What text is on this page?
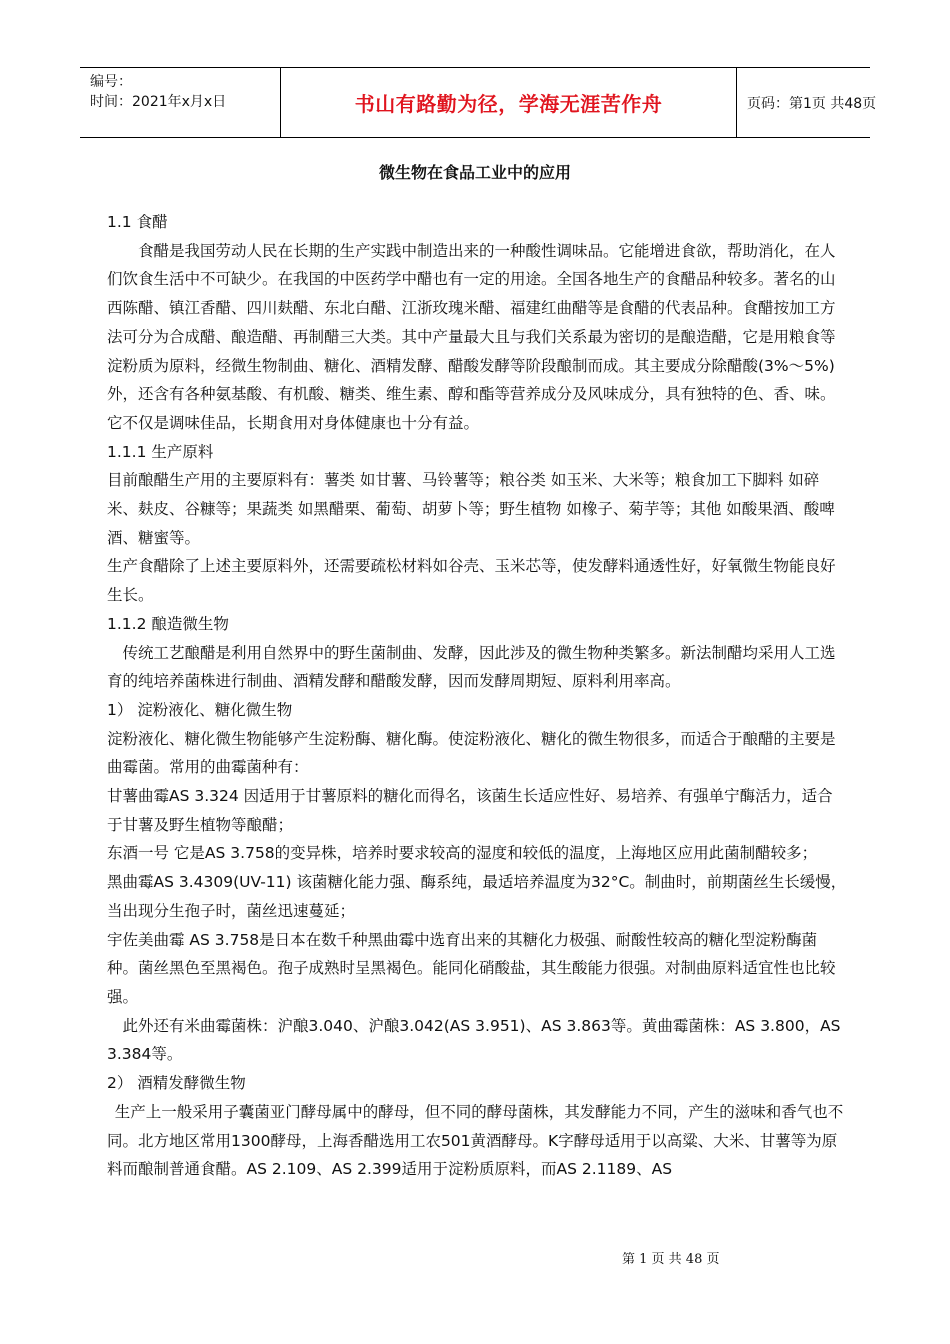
编号：
时间：2021年x月x日	书山有路勤为径，学海无涯苦作舟	页码：第1页 共48页
微生物在食品工业中的应用

1.1 食醋

食醋是我国劳动人民在长期的生产实践中制造出来的一种酸性调味品。它能增进食欲，帮助消化，在人们饮食生活中不可缺少。在我国的中医药学中醋也有一定的用途。全国各地生产的食醋品种较多。著名的山西陈醋、镇江香醋、四川麸醋、东北白醋、江浙玫瑰米醋、福建红曲醋等是食醋的代表品种。食醋按加工方法可分为合成醋、酿造醋、再制醋三大类。其中产量最大且与我们关系最为密切的是酿造醋，它是用粮食等淀粉质为原料，经微生物制曲、糖化、酒精发酵、醋酸发酵等阶段酿制而成。其主要成分除醋酸(3%～5%)外，还含有各种氨基酸、有机酸、糖类、维生素、醇和酯等营养成分及风味成分，具有独特的色、香、味。它不仅是调味佳品，长期食用对身体健康也十分有益。

1.1.1 生产原料

目前酿醋生产用的主要原料有：薯类 如甘薯、马铃薯等；粮谷类 如玉米、大米等；粮食加工下脚料 如碎米、麸皮、谷糠等；果蔬类 如黑醋栗、葡萄、胡萝卜等；野生植物 如橡子、菊芋等；其他 如酸果酒、酸啤酒、糖蜜等。

生产食醋除了上述主要原料外，还需要疏松材料如谷壳、玉米芯等，使发酵料通透性好，好氧微生物能良好生长。

1.1.2 酿造微生物

传统工艺酿醋是利用自然界中的野生菌制曲、发酵，因此涉及的微生物种类繁多。新法制醋均采用人工选育的纯培养菌株进行制曲、酒精发酵和醋酸发酵，因而发酵周期短、原料利用率高。

1） 淀粉液化、糖化微生物

淀粉液化、糖化微生物能够产生淀粉酶、糖化酶。使淀粉液化、糖化的微生物很多，而适合于酿醋的主要是曲霉菌。常用的曲霉菌种有：

甘薯曲霉AS 3.324 因适用于甘薯原料的糖化而得名，该菌生长适应性好、易培养、有强单宁酶活力，适合于甘薯及野生植物等酿醋；

东酒一号 它是AS 3.758的变异株，培养时要求较高的湿度和较低的温度，上海地区应用此菌制醋较多；

黑曲霉AS 3.4309(UV-11) 该菌糖化能力强、酶系纯，最适培养温度为32°C。制曲时，前期菌丝生长缓慢，当出现分生孢子时，菌丝迅速蔓延；

宇佐美曲霉 AS 3.758是日本在数千种黑曲霉中选育出来的其糖化力极强、耐酸性较高的糖化型淀粉酶菌种。菌丝黑色至黑褐色。孢子成熟时呈黑褐色。能同化硝酸盐，其生酸能力很强。对制曲原料适宜性也比较强。

此外还有米曲霉菌株：沪酿3.040、沪酿3.042(AS 3.951)、AS 3.863等。黄曲霉菌株：AS 3.800，AS 3.384等。

2） 酒精发酵微生物

生产上一般采用子囊菌亚门酵母属中的酵母，但不同的酵母菌株，其发酵能力不同，产生的滋味和香气也不同。北方地区常用1300酵母，上海香醋选用工农501黄酒酵母。K字酵母适用于以高粱、大米、甘薯等为原料而酿制普通食醋。AS 2.109、AS 2.399适用于淀粉质原料，而AS 2.1189、AS

第 1 页 共 48 页
